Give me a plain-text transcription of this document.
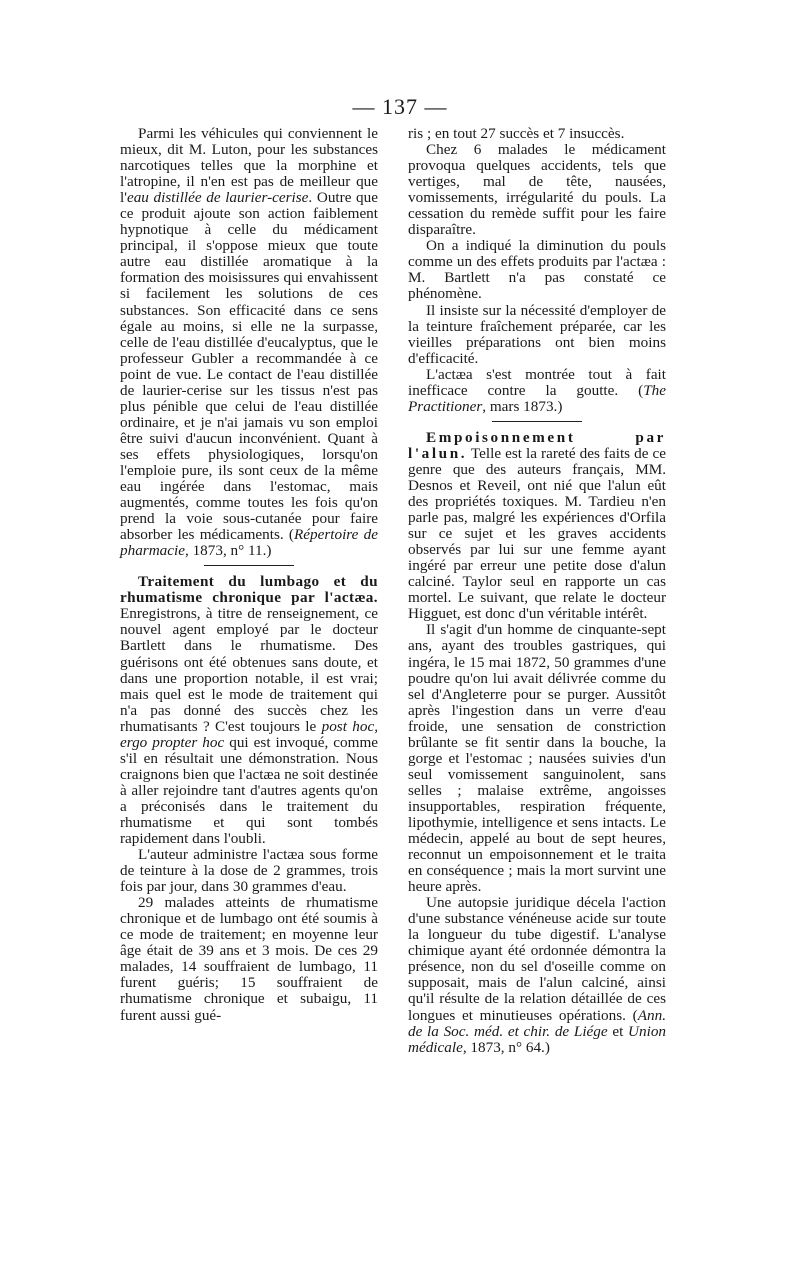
— 137 —

Parmi les véhicules qui conviennent le mieux, dit M. Luton, pour les substances narcotiques telles que la morphine et l'atropine, il n'en est pas de meilleur que l'eau distillée de laurier-cerise. Outre que ce produit ajoute son action faiblement hypnotique à celle du médicament principal, il s'oppose mieux que toute autre eau distillée aromatique à la formation des moisissures qui envahissent si facilement les solutions de ces substances. Son efficacité dans ce sens égale au moins, si elle ne la surpasse, celle de l'eau distillée d'eucalyptus, que le professeur Gubler a recommandée à ce point de vue. Le contact de l'eau distillée de laurier-cerise sur les tissus n'est pas plus pénible que celui de l'eau distillée ordinaire, et je n'ai jamais vu son emploi être suivi d'aucun inconvénient. Quant à ses effets physiologiques, lorsqu'on l'emploie pure, ils sont ceux de la même eau ingérée dans l'estomac, mais augmentés, comme toutes les fois qu'on prend la voie sous-cutanée pour faire absorber les médicaments. (Répertoire de pharmacie, 1873, n° 11.)

Traitement du lumbago et du rhumatisme chronique par l'actæa. Enregistrons, à titre de renseignement, ce nouvel agent employé par le docteur Bartlett dans le rhumatisme. Des guérisons ont été obtenues sans doute, et dans une proportion notable, il est vrai; mais quel est le mode de traitement qui n'a pas donné des succès chez les rhumatisants ? C'est toujours le post hoc, ergo propter hoc qui est invoqué, comme s'il en résultait une démonstration. Nous craignons bien que l'actæa ne soit destinée à aller rejoindre tant d'autres agents qu'on a préconisés dans le traitement du rhumatisme et qui sont tombés rapidement dans l'oubli.

L'auteur administre l'actæa sous forme de teinture à la dose de 2 grammes, trois fois par jour, dans 30 grammes d'eau.

29 malades atteints de rhumatisme chronique et de lumbago ont été soumis à ce mode de traitement; en moyenne leur âge était de 39 ans et 3 mois. De ces 29 malades, 14 souffraient de lumbago, 11 furent guéris; 15 souffraient de rhumatisme chronique et subaigu, 11 furent aussi gué-

ris ; en tout 27 succès et 7 insuccès.

Chez 6 malades le médicament provoqua quelques accidents, tels que vertiges, mal de tête, nausées, vomissements, irrégularité du pouls. La cessation du remède suffit pour les faire disparaître.

On a indiqué la diminution du pouls comme un des effets produits par l'actæa : M. Bartlett n'a pas constaté ce phénomène.

Il insiste sur la nécessité d'employer de la teinture fraîchement préparée, car les vieilles préparations ont bien moins d'efficacité.

L'actæa s'est montrée tout à fait inefficace contre la goutte. (The Practitioner, mars 1873.)

Empoisonnement par l'alun. Telle est la rareté des faits de ce genre que des auteurs français, MM. Desnos et Reveil, ont nié que l'alun eût des propriétés toxiques. M. Tardieu n'en parle pas, malgré les expériences d'Orfila sur ce sujet et les graves accidents observés par lui sur une femme ayant ingéré par erreur une petite dose d'alun calciné. Taylor seul en rapporte un cas mortel. Le suivant, que relate le docteur Higguet, est donc d'un véritable intérêt.

Il s'agit d'un homme de cinquante-sept ans, ayant des troubles gastriques, qui ingéra, le 15 mai 1872, 50 grammes d'une poudre qu'on lui avait délivrée comme du sel d'Angleterre pour se purger. Aussitôt après l'ingestion dans un verre d'eau froide, une sensation de constriction brûlante se fit sentir dans la bouche, la gorge et l'estomac ; nausées suivies d'un seul vomissement sanguinolent, sans selles ; malaise extrême, angoisses insupportables, respiration fréquente, lipothymie, intelligence et sens intacts. Le médecin, appelé au bout de sept heures, reconnut un empoisonnement et le traita en conséquence ; mais la mort survint une heure après.

Une autopsie juridique décela l'action d'une substance vénéneuse acide sur toute la longueur du tube digestif. L'analyse chimique ayant été ordonnée démontra la présence, non du sel d'oseille comme on supposait, mais de l'alun calciné, ainsi qu'il résulte de la relation détaillée de ces longues et minutieuses opérations. (Ann. de la Soc. méd. et chir. de Liége et Union médicale, 1873, n° 64.)
